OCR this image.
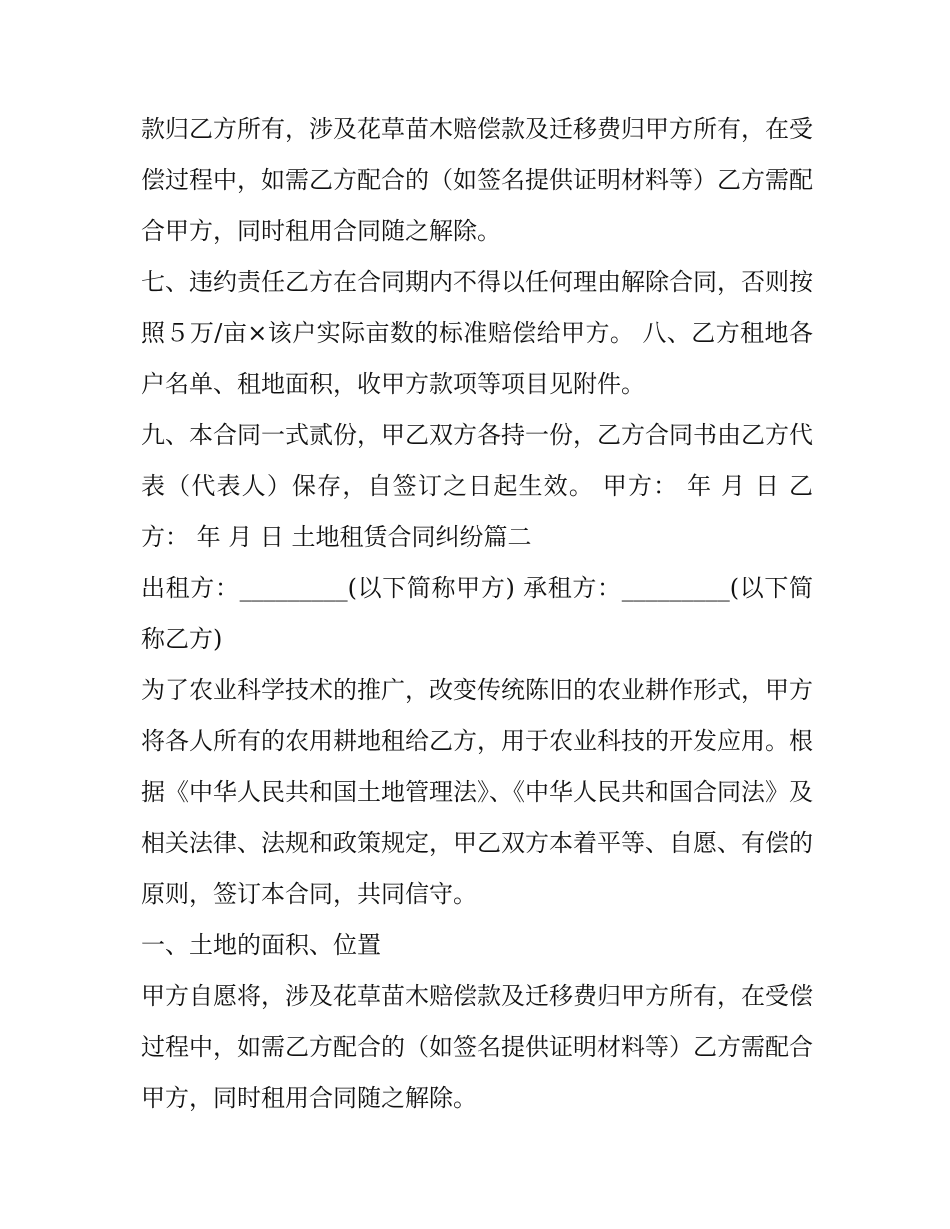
款归乙方所有，涉及花草苗木赔偿款及迁移费归甲方所有，在受偿过程中，如需乙方配合的（如签名提供证明材料等）乙方需配合甲方，同时租用合同随之解除。

七、违约责任乙方在合同期内不得以任何理由解除合同，否则按照５万/亩×该户实际亩数的标准赔偿给甲方。 八、乙方租地各户名单、租地面积，收甲方款项等项目见附件。

九、本合同一式贰份，甲乙双方各持一份，乙方合同书由乙方代表（代表人）保存，自签订之日起生效。 甲方： 年 月 日 乙方： 年 月 日 土地租赁合同纠纷篇二

出租方：_________(以下简称甲方) 承租方：_________(以下简称乙方)

为了农业科学技术的推广，改变传统陈旧的农业耕作形式，甲方将各人所有的农用耕地租给乙方，用于农业科技的开发应用。根据《中华人民共和国土地管理法》、《中华人民共和国合同法》及相关法律、法规和政策规定，甲乙双方本着平等、自愿、有偿的原则，签订本合同，共同信守。

一、土地的面积、位置

甲方自愿将，涉及花草苗木赔偿款及迁移费归甲方所有，在受偿过程中，如需乙方配合的（如签名提供证明材料等）乙方需配合甲方，同时租用合同随之解除。
